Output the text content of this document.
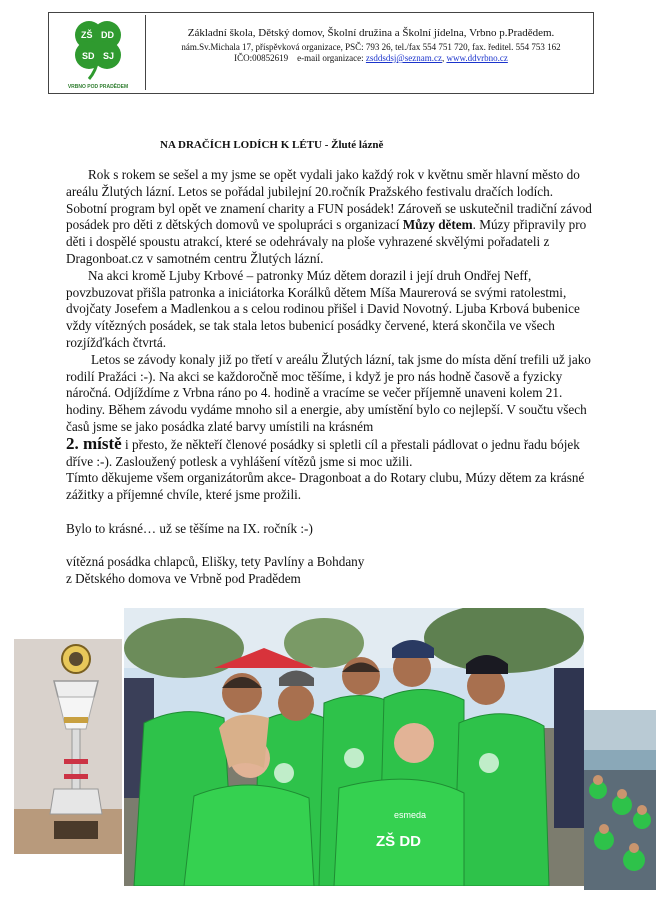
ZŠ DD
SD SJ
VRBNO POD PRADĚDEM
Základní škola, Dětský domov, Školní družina a Školní jídelna, Vrbno p.Pradědem.
nám.Sv.Michala 17, příspěvková organizace, PSČ: 793 26, tel./fax 554 751 720, fax. ředitel. 554 753 162
IČO:00852619 e-mail organizace: zsddsdsj@seznam.cz, www.ddvrbno.cz
NA DRAČÍCH LODÍCH K LÉTU - Žluté lázně

Rok s rokem se sešel a my jsme se opět vydali jako každý rok v květnu směr hlavní město do areálu Žlutých lázní. Letos se pořádal jubilejní 20.ročník Pražského festivalu dračích lodích. Sobotní program byl opět ve znamení charity a FUN posádek! Zároveň se uskutečnil tradiční závod posádek pro děti z dětských domovů ve spolupráci s organizací Můzy dětem. Múzy připravily pro děti i dospělé spoustu atrakcí, které se odehrávaly na ploše vyhrazené skvělými pořadateli z Dragonboat.cz v samotném centru Žlutých lázní.

Na akci kromě Ljuby Krbové – patronky Múz dětem dorazil i její druh Ondřej Neff, povzbuzovat přišla patronka a iniciátorka Korálků dětem Míša Maurerová se svými ratolestmi, dvojčaty Josefem a Madlenkou a s celou rodinou přišel i David Novotný. Ljuba Krbová bubenice vždy vítězných posádek, se tak stala letos bubenicí posádky červené, která skončila ve všech rozjížďkách čtvrtá.

Letos se závody konaly již po třetí v areálu Žlutých lázní, tak jsme do místa dění trefili už jako rodilí Pražáci :-). Na akci se každoročně moc těšíme, i když je pro nás hodně časově a fyzicky náročná. Odjíždíme z Vrbna ráno po 4. hodině a vracíme se večer příjemně unaveni kolem 21. hodiny. Během závodu vydáme mnoho sil a energie, aby umístění bylo co nejlepší. V součtu všech časů jsme se jako posádka zlaté barvy umístili na krásném
2. místě i přesto, že někteří členové posádky si spletli cíl a přestali pádlovat o jednu řadu bójek dříve :-). Zasloužený potlesk a vyhlášení vítězů jsme si moc užili.

Tímto děkujeme všem organizátorům akce- Dragonboat a do Rotary clubu, Múzy dětem za krásné zážitky a příjemné chvíle, které jsme prožili.

Bylo to krásné… už se těšíme na IX. ročník :-)

vítězná posádka chlapců, Elišky, tety Pavlíny a Bohdany

z Dětského domova ve Vrbně pod Pradědem

ZŠ DD
esmeda
